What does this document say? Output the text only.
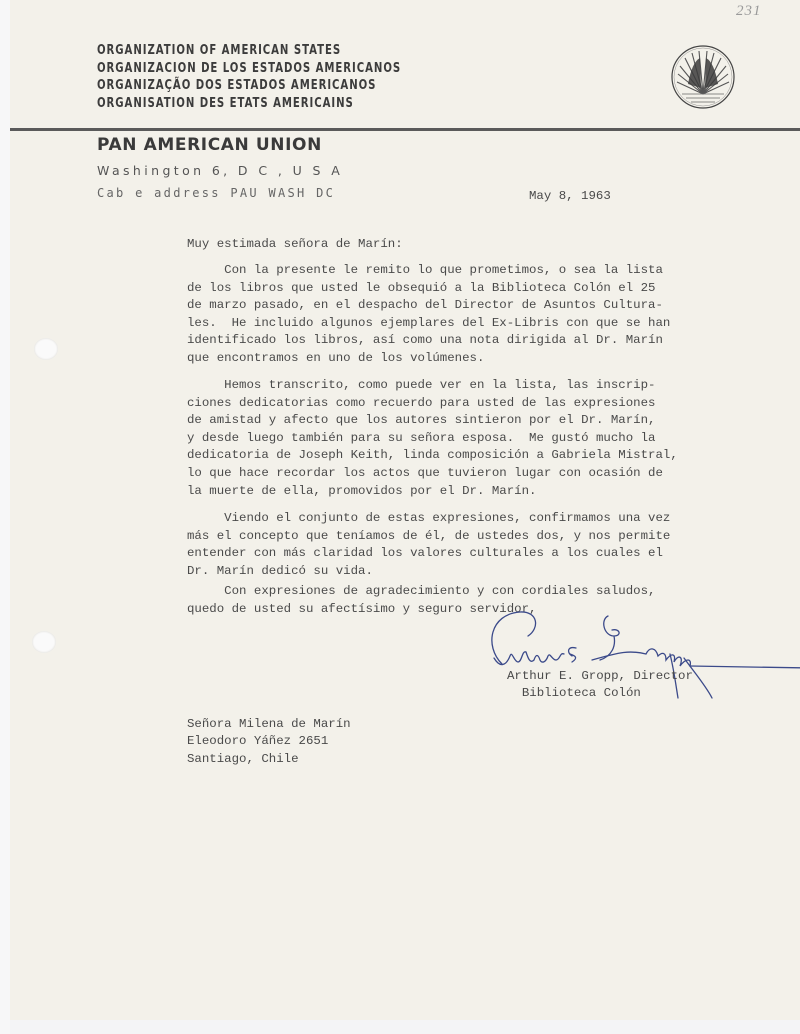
231
ORGANIZATION OF AMERICAN STATES
ORGANIZACION DE LOS ESTADOS AMERICANOS
ORGANIZAÇÃO DOS ESTADOS AMERICANOS
ORGANISATION DES ETATS AMERICAINS
PAN AMERICAN UNION
Washington 6, D C , U S A
Cab e address PAU WASH DC	May 8, 1963
Muy estimada señora de Marín:
Con la presente le remito lo que prometimos, o sea la lista
de los libros que usted le obsequió a la Biblioteca Colón el 25
de marzo pasado, en el despacho del Director de Asuntos Cultura-
les.  He incluido algunos ejemplares del Ex-Libris con que se han
identificado los libros, así como una nota dirigida al Dr. Marín
que encontramos en uno de los volúmenes.
Hemos transcrito, como puede ver en la lista, las inscrip-
ciones dedicatorias como recuerdo para usted de las expresiones
de amistad y afecto que los autores sintieron por el Dr. Marín,
y desde luego también para su señora esposa.  Me gustó mucho la
dedicatoria de Joseph Keith, linda composición a Gabriela Mistral,
lo que hace recordar los actos que tuvieron lugar con ocasión de
la muerte de ella, promovidos por el Dr. Marín.
Viendo el conjunto de estas expresiones, confirmamos una vez
más el concepto que teníamos de él, de ustedes dos, y nos permite
entender con más claridad los valores culturales a los cuales el
Dr. Marín dedicó su vida.
Con expresiones de agradecimiento y con cordiales saludos,
quedo de usted su afectísimo y seguro servidor,
Arthur E. Gropp, Director
Biblioteca Colón
Señora Milena de Marín
Eleodoro Yáñez 2651
Santiago, Chile
